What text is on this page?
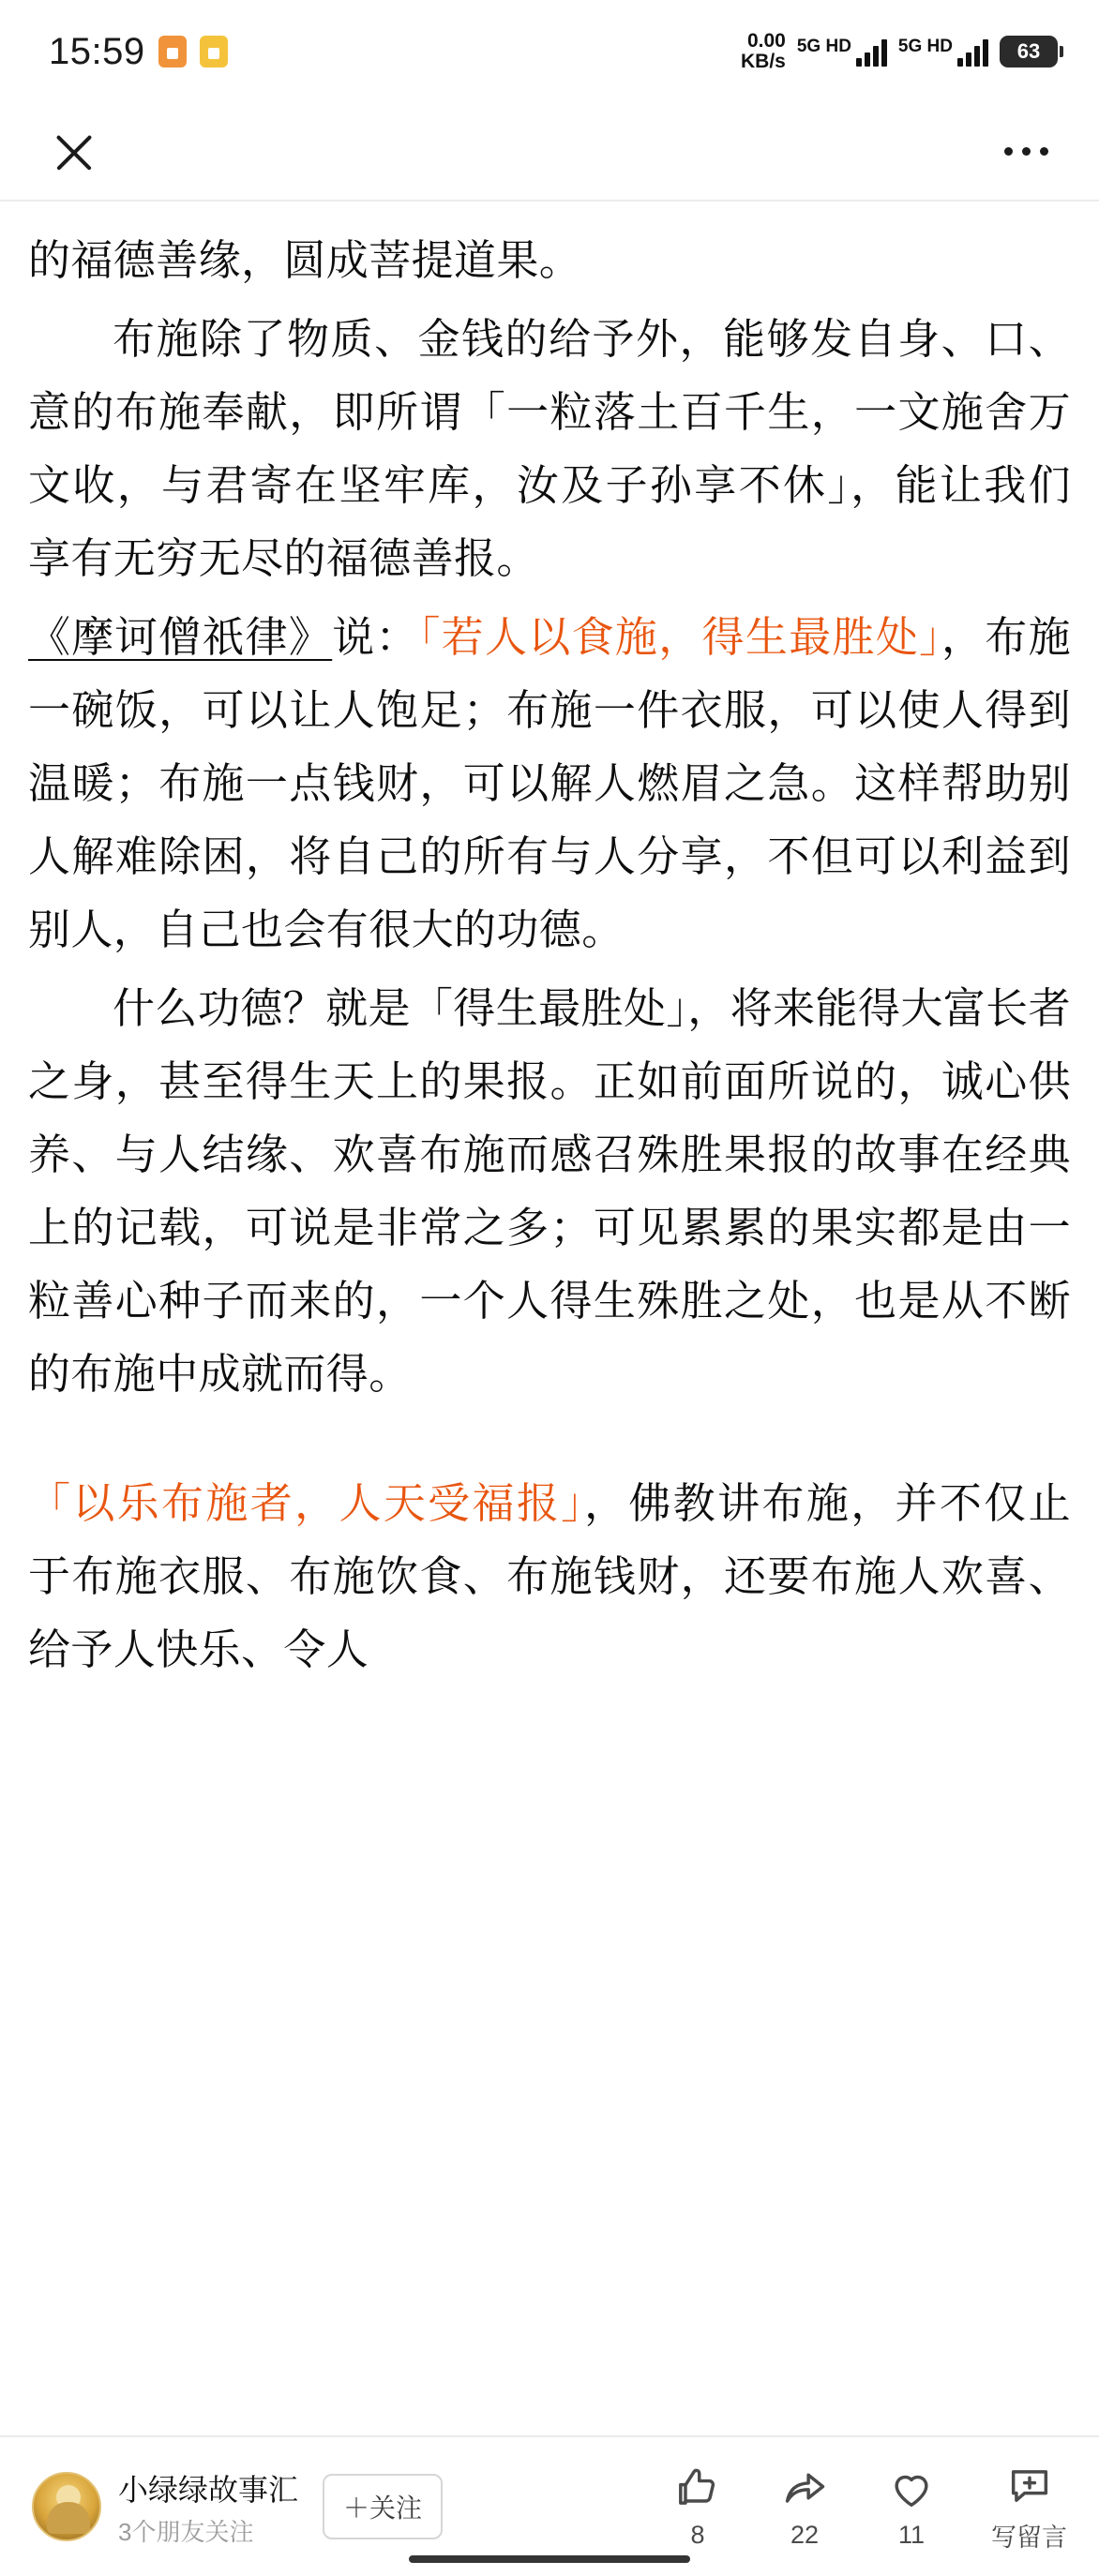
15:59	0.00
KB/s
5G HD	5G HD	63

的福德善缘，圆成菩提道果。

布施除了物质、金钱的给予外，能够发自身、口、意的布施奉献，即所谓「一粒落土百千生，一文施舍万文收，与君寄在坚牢库，汝及子孙享不休」，能让我们享有无穷无尽的福德善报。

《摩诃僧祇律》说：「若人以食施，得生最胜处」，布施一碗饭，可以让人饱足；布施一件衣服，可以使人得到温暖；布施一点钱财，可以解人燃眉之急。这样帮助别人解难除困，将自己的所有与人分享，不但可以利益到别人，自己也会有很大的功德。

什么功德？就是「得生最胜处」，将来能得大富长者之身，甚至得生天上的果报。正如前面所说的，诚心供养、与人结缘、欢喜布施而感召殊胜果报的故事在经典上的记载，可说是非常之多；可见累累的果实都是由一粒善心种子而来的，一个人得生殊胜之处，也是从不断的布施中成就而得。

「以乐布施者，人天受福报」，佛教讲布施，并不仅止于布施衣服、布施饮食、布施钱财，还要布施人欢喜、给予人快乐、令人

小绿绿故事汇
3个朋友关注
＋关注
8	22	11	写留言
